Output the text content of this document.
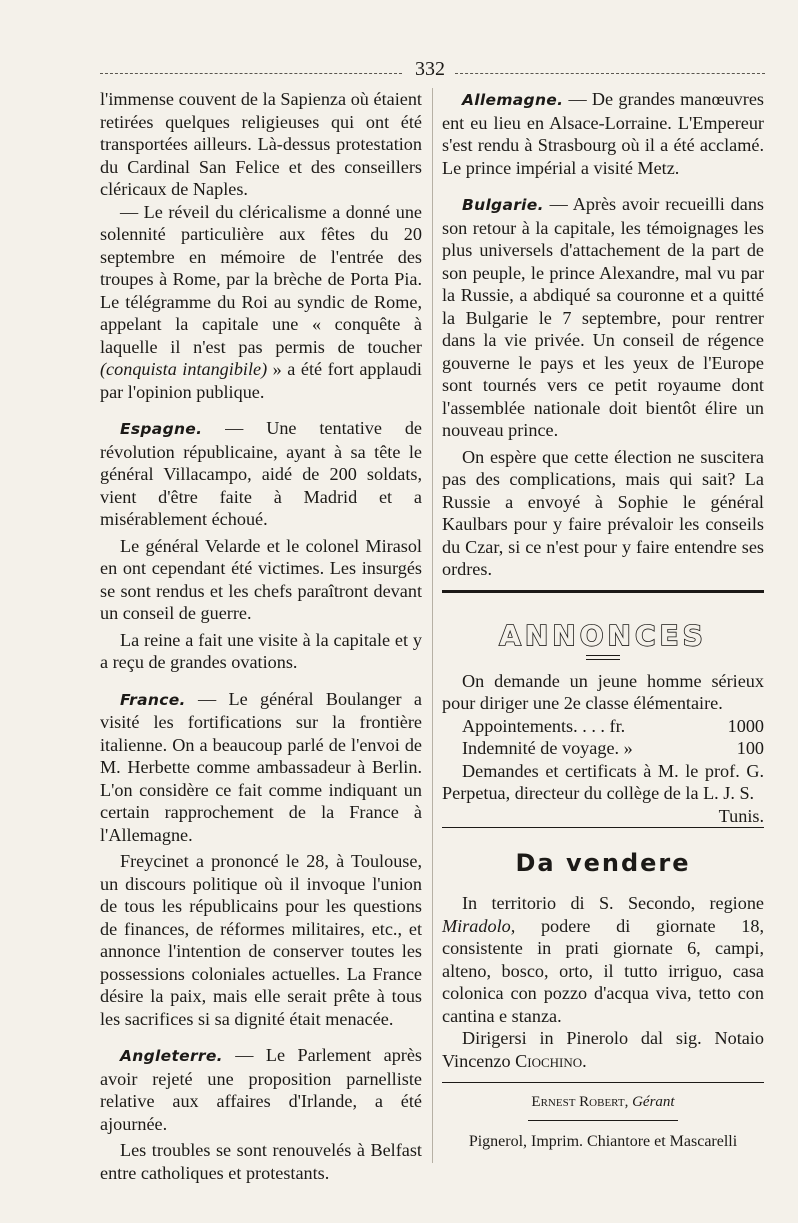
332

l'immense couvent de la Sapienza où étaient retirées quelques religieuses qui ont été transportées ailleurs. Là-dessus protestation du Cardinal San Felice et des conseillers cléricaux de Naples.

— Le réveil du cléricalisme a donné une solennité particulière aux fêtes du 20 septembre en mémoire de l'entrée des troupes à Rome, par la brèche de Porta Pia. Le télégramme du Roi au syndic de Rome, appelant la capitale une « conquête à laquelle il n'est pas permis de toucher (conquista intangibile) » a été fort applaudi par l'opinion publique.

Espagne. — Une tentative de révolution républicaine, ayant à sa tête le général Villacampo, aidé de 200 soldats, vient d'être faite à Madrid et a misérablement échoué.

Le général Velarde et le colonel Mirasol en ont cependant été victimes. Les insurgés se sont rendus et les chefs paraîtront devant un conseil de guerre.

La reine a fait une visite à la capitale et y a reçu de grandes ovations.

France. — Le général Boulanger a visité les fortifications sur la frontière italienne. On a beaucoup parlé de l'envoi de M. Herbette comme ambassadeur à Berlin. L'on considère ce fait comme indiquant un certain rapprochement de la France à l'Allemagne.

Freycinet a prononcé le 28, à Toulouse, un discours politique où il invoque l'union de tous les républicains pour les questions de finances, de réformes militaires, etc., et annonce l'intention de conserver toutes les possessions coloniales actuelles. La France désire la paix, mais elle serait prête à tous les sacrifices si sa dignité était menacée.

Angleterre. — Le Parlement après avoir rejeté une proposition parnelliste relative aux affaires d'Irlande, a été ajournée.

Les troubles se sont renouvelés à Belfast entre catholiques et protestants.

Allemagne. — De grandes manœuvres ent eu lieu en Alsace-Lorraine. L'Empereur s'est rendu à Strasbourg où il a été acclamé. Le prince impérial a visité Metz.

Bulgarie. — Après avoir recueilli dans son retour à la capitale, les témoignages les plus universels d'attachement de la part de son peuple, le prince Alexandre, mal vu par la Russie, a abdiqué sa couronne et a quitté la Bulgarie le 7 septembre, pour rentrer dans la vie privée. Un conseil de régence gouverne le pays et les yeux de l'Europe sont tournés vers ce petit royaume dont l'assemblée nationale doit bientôt élire un nouveau prince.

On espère que cette élection ne suscitera pas des complications, mais qui sait? La Russie a envoyé à Sophie le général Kaulbars pour y faire prévaloir les conseils du Czar, si ce n'est pour y faire entendre ses ordres.

ANNONCES

On demande un jeune homme sérieux pour diriger une 2e classe élémentaire.

Appointements . . . . fr.	1000
Indemnité de voyage . »	100

Demandes et certificats à M. le prof. G. Perpetua, directeur du collège de la L. J. S.
Tunis.

Da vendere

In territorio di S. Secondo, regione Miradolo, podere di giornate 18, consistente in prati giornate 6, campi, alteno, bosco, orto, il tutto irriguo, casa colonica con pozzo d'acqua viva, tetto con cantina e stanza.

Dirigersi in Pinerolo dal sig. Notaio Vincenzo Ciochino.

Ernest Robert, Gérant
Pignerol, Imprim. Chiantore et Mascarelli
